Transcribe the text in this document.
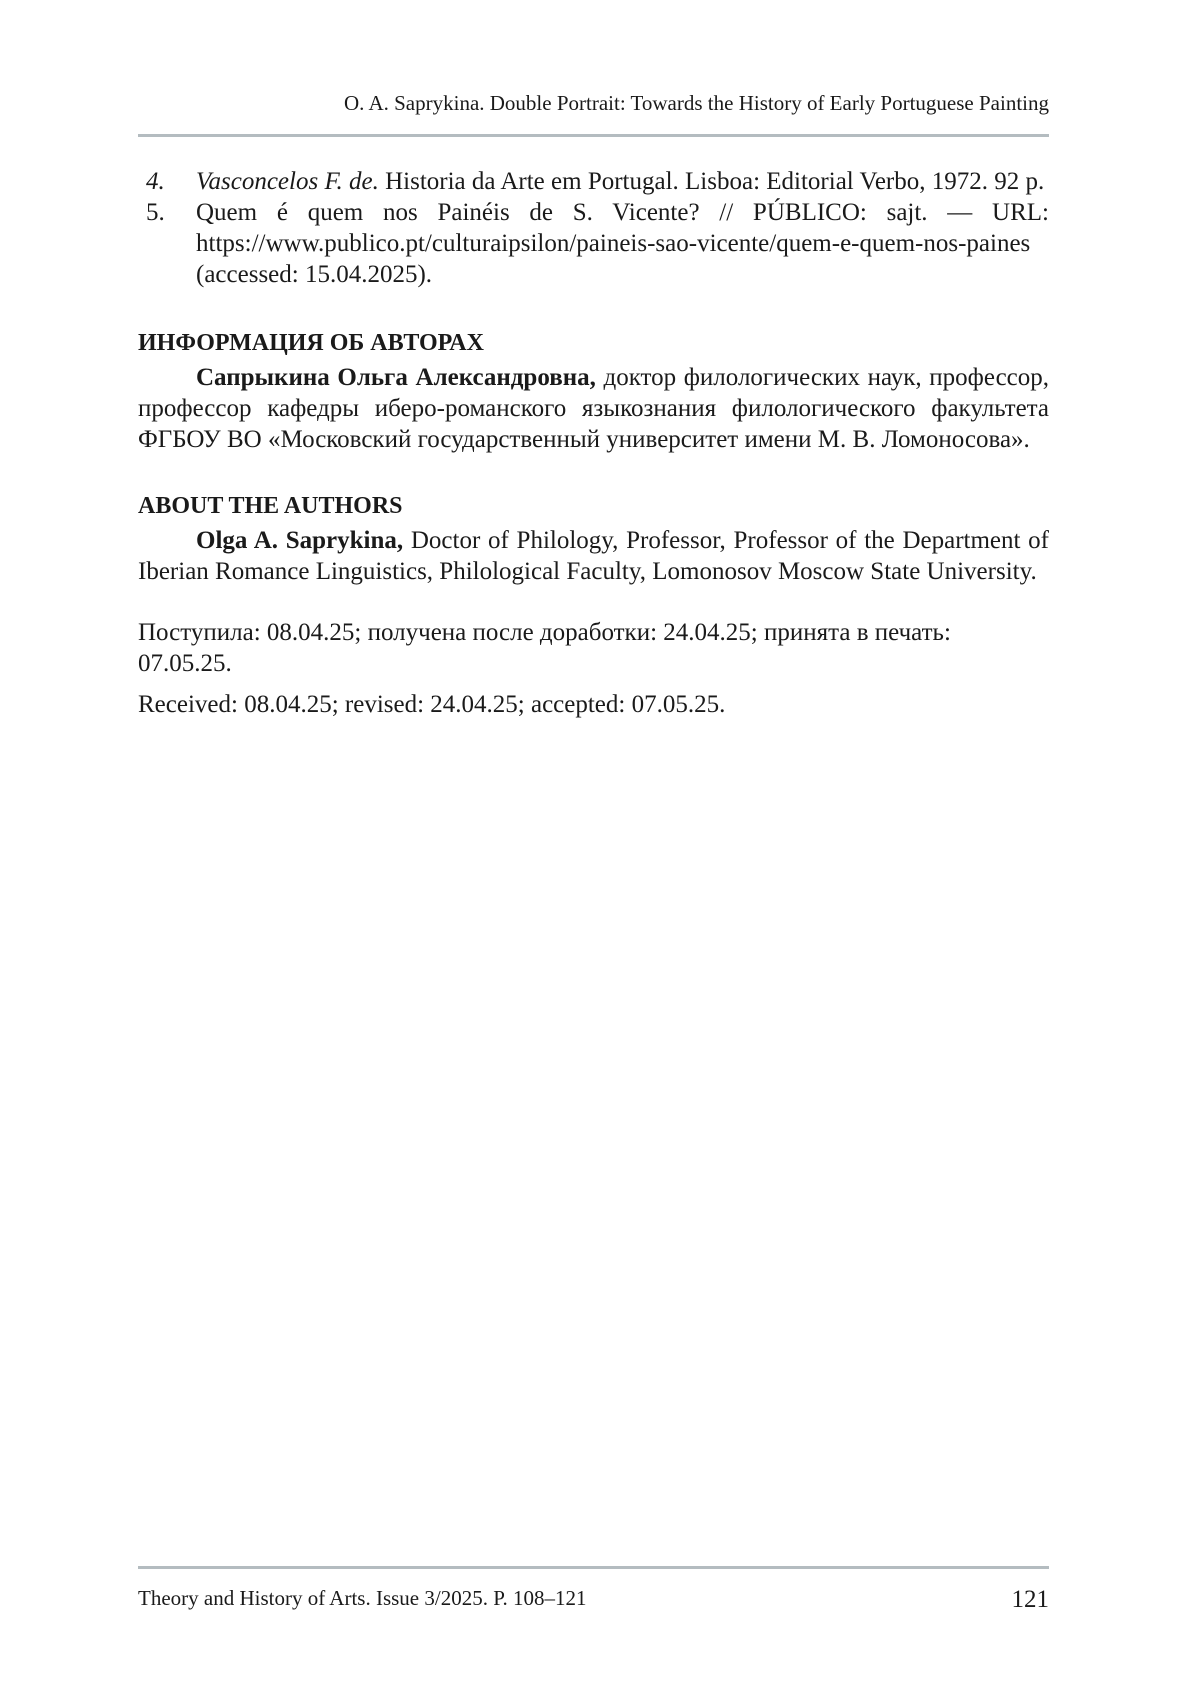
O. A. Saprykina. Double Portrait: Towards the History of Early Portuguese Painting
4. Vasconcelos F. de. Historia da Arte em Portugal. Lisboa: Editorial Verbo, 1972. 92 p.
5. Quem é quem nos Painéis de S. Vicente? // PÚBLICO: sajt. — URL: https://www.publico.pt/culturaipsilon/paineis-sao-vicente/quem-e-quem-nos-paines (accessed: 15.04.2025).
ИНФОРМАЦИЯ ОБ АВТОРАХ

Сапрыкина Ольга Александровна, доктор филологических наук, профессор, профессор кафедры иберо-романского языкознания филологического факультета ФГБОУ ВО «Московский государственный университет имени М. В. Ломоносова».

ABOUT THE AUTHORS

Olga A. Saprykina, Doctor of Philology, Professor, Professor of the Department of Iberian Romance Linguistics, Philological Faculty, Lomonosov Moscow State University.

Поступила: 08.04.25; получена после доработки: 24.04.25; принята в печать: 07.05.25.

Received: 08.04.25; revised: 24.04.25; accepted: 07.05.25.

Theory and History of Arts. Issue 3/2025. P. 108–121	121
